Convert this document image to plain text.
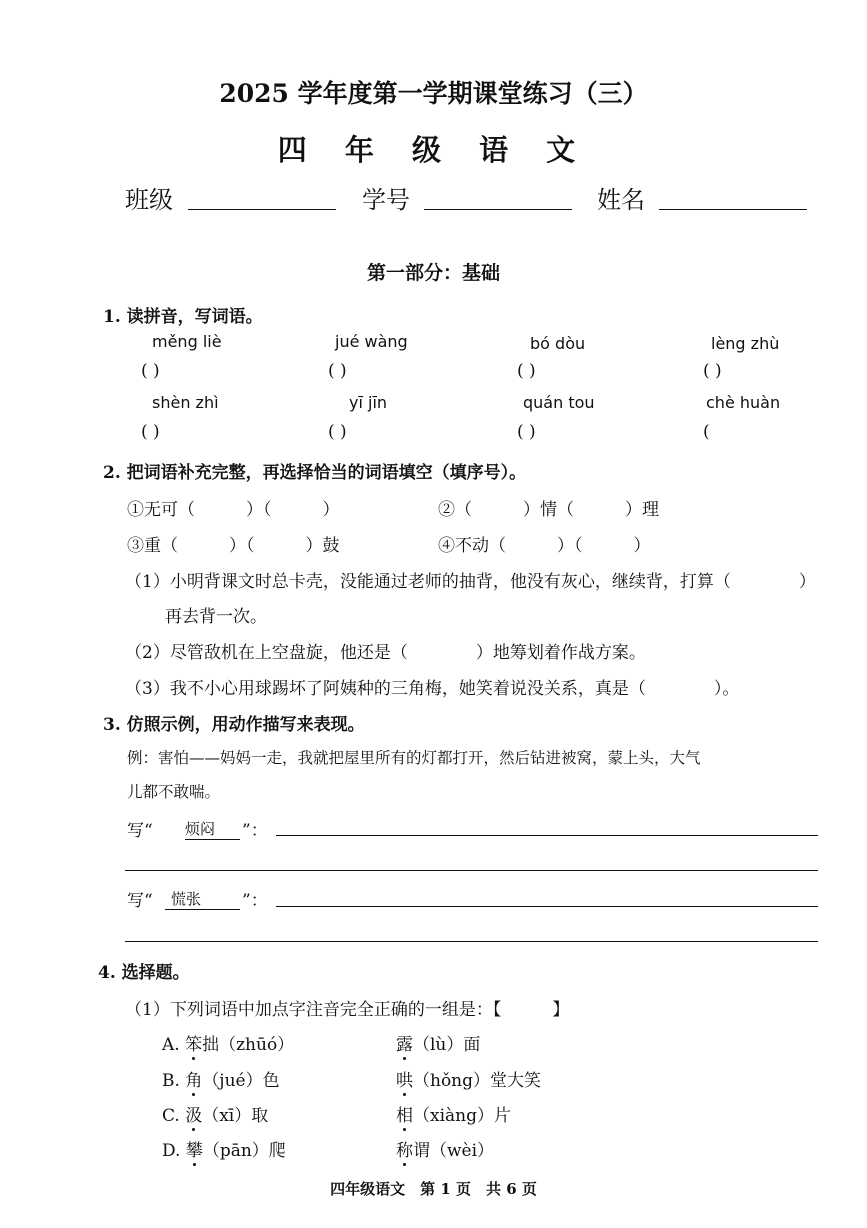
2025 学年度第一学期课堂练习（三）
四 年 级 语 文
班级	学号	姓名
第一部分：基础
1. 读拼音，写词语。
měng liè	jué wàng	bó dòu	lèng zhù
( )	( )	( )	( )
shèn zhì	yī jīn	quán tou	chè huàn
( )	( )	( )	(
2. 把词语补充完整，再选择恰当的词语填空（填序号）。
①无可（　　　）（　　　）	②（　　　）情（　　　）理
③重（　　　）（　　　）鼓	④不动（　　　）（　　　）
（1）小明背课文时总卡壳，没能通过老师的抽背，他没有灰心，继续背，打算（　　　　）
再去背一次。
（2）尽管敌机在上空盘旋，他还是（　　　　）地筹划着作战方案。
（3）我不小心用球踢坏了阿姨种的三角梅，她笑着说没关系，真是（　　　　）。
3. 仿照示例，用动作描写来表现。
例：害怕——妈妈一走，我就把屋里所有的灯都打开，然后钻进被窝，蒙上头，大气
儿都不敢喘。
写“ 烦闷	”：
写“	慌张	”：
4. 选择题。
（1）下列词语中加点字注音完全正确的一组是：【　　　】
A. 笨拙（zhūó）	露（lù）面
B. 角（jué）色	哄（hǒng）堂大笑
C. 汲（xī）取	相（xiàng）片
D. 攀（pān）爬	称谓（wèi）
四年级语文　第 1 页　共 6 页
